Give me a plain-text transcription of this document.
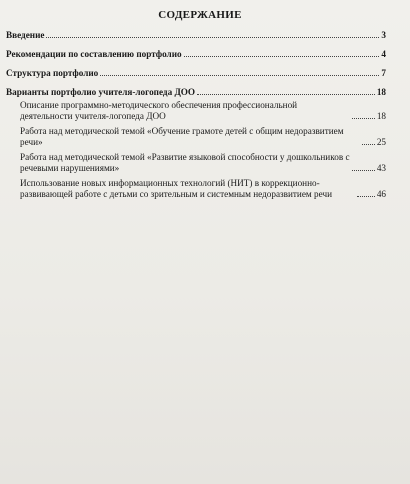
СОДЕРЖАНИЕ
Введение	3
Рекомендации по составлению портфолио	4
Структура портфолио	7
Варианты портфолио учителя-логопеда ДОО	18
Описание программно-методического обеспечения профессиональной деятельности учителя-логопеда ДОО	18
Работа над методической темой «Обучение грамоте детей с общим недоразвитием речи»	25
Работа над методической темой «Развитие языковой способности у дошкольников с речевыми нарушениями»	43
Использование новых информационных технологий (НИТ) в коррекционно-развивающей работе с детьми со зрительным и системным недоразвитием речи	46
